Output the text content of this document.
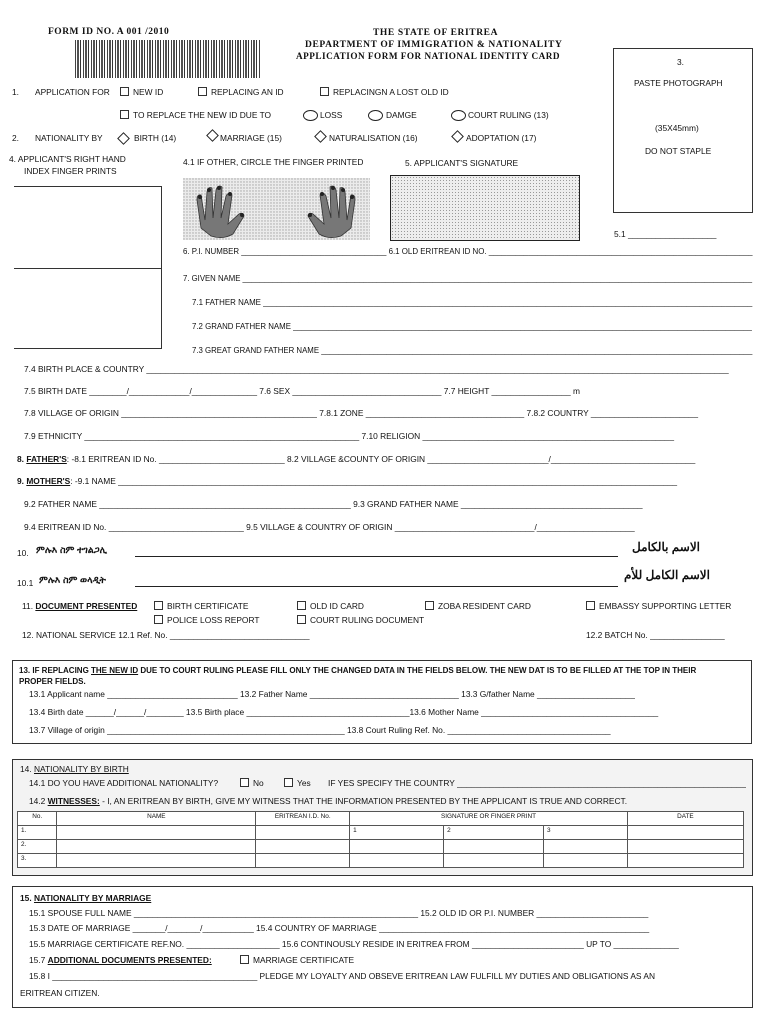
FORM ID NO. A 001 /2010	THE STATE OF ERITREA
DEPARTMENT OF IMMIGRATION & NATIONALITY
APPLICATION FORM FOR NATIONAL IDENTITY CARD
3.
PASTE PHOTOGRAPH
(35X45mm)
DO NOT STAPLE
1. APPLICATION FOR	NEW ID	REPLACING AN ID	REPLACINGN A LOST OLD ID
TO REPLACE THE NEW ID DUE TO	LOSS	DAMGE	COURT RULING (13)
2. NATIONALITY BY	BIRTH (14)	MARRIAGE (15)	NATURALISATION (16)	ADOPTATION (17)
4. APPLICANT'S RIGHT HAND
INDEX FINGER PRINTS
4.1 IF OTHER, CIRCLE THE FINGER PRINTED	5. APPLICANT'S SIGNATURE
5.1 ___________________
6. P.I. NUMBER _________________________________ 6.1 OLD ERITREAN ID NO. ____________________________________________________________
7. GIVEN NAME ______________________________________________________________________________________________________________________
7.1 FATHER NAME _______________________________________________________________________________________________________________
7.2 GRAND FATHER NAME _________________________________________________________________________________________________________
7.3 GREAT GRAND FATHER NAME ___________________________________________________________________________________________________
7.4 BIRTH PLACE & COUNTRY _____________________________________________________________________________________________________________________________
7.5 BIRTH DATE ________/_____________/______________ 7.6 SEX ________________________________ 7.7 HEIGHT _________________ m
7.8 VILLAGE OF ORIGIN __________________________________________ 7.8.1 ZONE __________________________________ 7.8.2 COUNTRY _______________________
7.9 ETHNICITY ___________________________________________________________ 7.10 RELIGION ______________________________________________________
8. FATHER'S: -8.1 ERITREAN ID No. ___________________________ 8.2 VILLAGE &COUNTY OF ORIGIN __________________________/_______________________________
9. MOTHER'S: -9.1 NAME ________________________________________________________________________________________________________________________
9.2 FATHER NAME ______________________________________________________ 9.3 GRAND FATHER NAME _______________________________________
9.4 ERITREAN ID No. _____________________________ 9.5 VILLAGE & COUNTRY OF ORIGIN ______________________________/_____________________
10. ምሉእ ስም ተገልጋሊ	الاسم بالكامل
10.1 ምሉእ ስም ወላዲት	الاسم الكامل للأم
11. DOCUMENT PRESENTED	BIRTH CERTIFICATE	OLD ID CARD	ZOBA RESIDENT CARD	EMBASSY SUPPORTING LETTER
POLICE LOSS REPORT	COURT RULING DOCUMENT
12. NATIONAL SERVICE 12.1 Ref. No. ______________________________	12.2 BATCH No. ________________
13. IF REPLACING THE NEW ID DUE TO COURT RULING PLEASE FILL ONLY THE CHANGED DATA IN THE FIELDS BELOW. THE NEW DAT IS TO BE FILLED AT THE TOP IN THEIR
PROPER FIELDS.
13.1 Applicant name ____________________________ 13.2 Father Name ________________________________ 13.3 G/father Name _____________________
13.4 Birth date ______/______/________ 13.5 Birth place ___________________________________13.6 Mother Name ______________________________________
13.7 Village of origin ___________________________________________________ 13.8 Court Ruling Ref. No. ___________________________________
14. NATIONALITY BY BIRTH
14.1 DO YOU HAVE ADDITIONAL NATIONALITY?	No	Yes IF YES SPECIFY THE COUNTRY ______________________________________________________________
14.2 WITNESSES: - I, AN ERITREAN BY BIRTH, GIVE MY WITNESS THAT THE INFORMATION PRESENTED BY THE APPLICANT IS TRUE AND CORRECT.
No.	NAME	ERITREAN I.D. No.	SIGNATURE OR FINGER PRINT			DATE
1.			1	2	3	
2.						
3.						
15. NATIONALITY BY MARRIAGE
15.1 SPOUSE FULL NAME _____________________________________________________________ 15.2 OLD ID OR P.I. NUMBER ________________________
15.3 DATE OF MARRIAGE _______/_______/___________ 15.4 COUNTRY OF MARRIAGE __________________________________________________________
15.5 MARRIAGE CERTIFICATE REF.NO. ____________________ 15.6 CONTINOUSLY RESIDE IN ERITREA FROM ________________________ UP TO ______________
15.7 ADDITIONAL DOCUMENTS PRESENTED:	MARRIAGE CERTIFICATE
15.8 I ____________________________________________ PLEDGE MY LOYALTY AND OBSEVE ERITREAN LAW FULFILL MY DUTIES AND OBLIGATIONS AS AN
ERITREAN CITIZEN.
